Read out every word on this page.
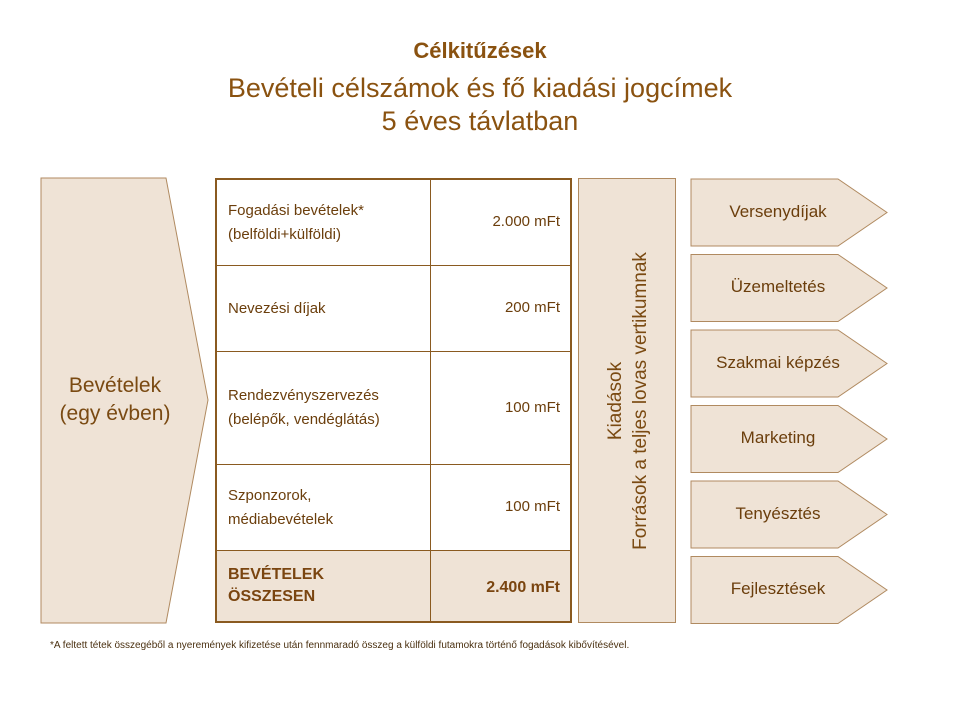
Célkitűzések
Bevételi célszámok és fő kiadási jogcímek
5 éves távlatban
Bevételek
(egy évben)
Fogadási bevételek*
(belföldi+külföldi)
2.000 mFt
Nevezési díjak	200 mFt
Rendezvényszervezés
(belépők, vendéglátás)
100 mFt
Szponzorok,
médiabevételek
100 mFt
BEVÉTELEK
ÖSSZESEN
2.400 mFt
Kiadások Források a teljes lovas vertikumnak
Versenydíjak
Üzemeltetés
Szakmai képzés
Marketing
Tenyésztés
Fejlesztések
*A feltett tétek összegéből a nyeremények kifizetése után fennmaradó összeg a külföldi futamokra történő fogadások kibővítésével.
